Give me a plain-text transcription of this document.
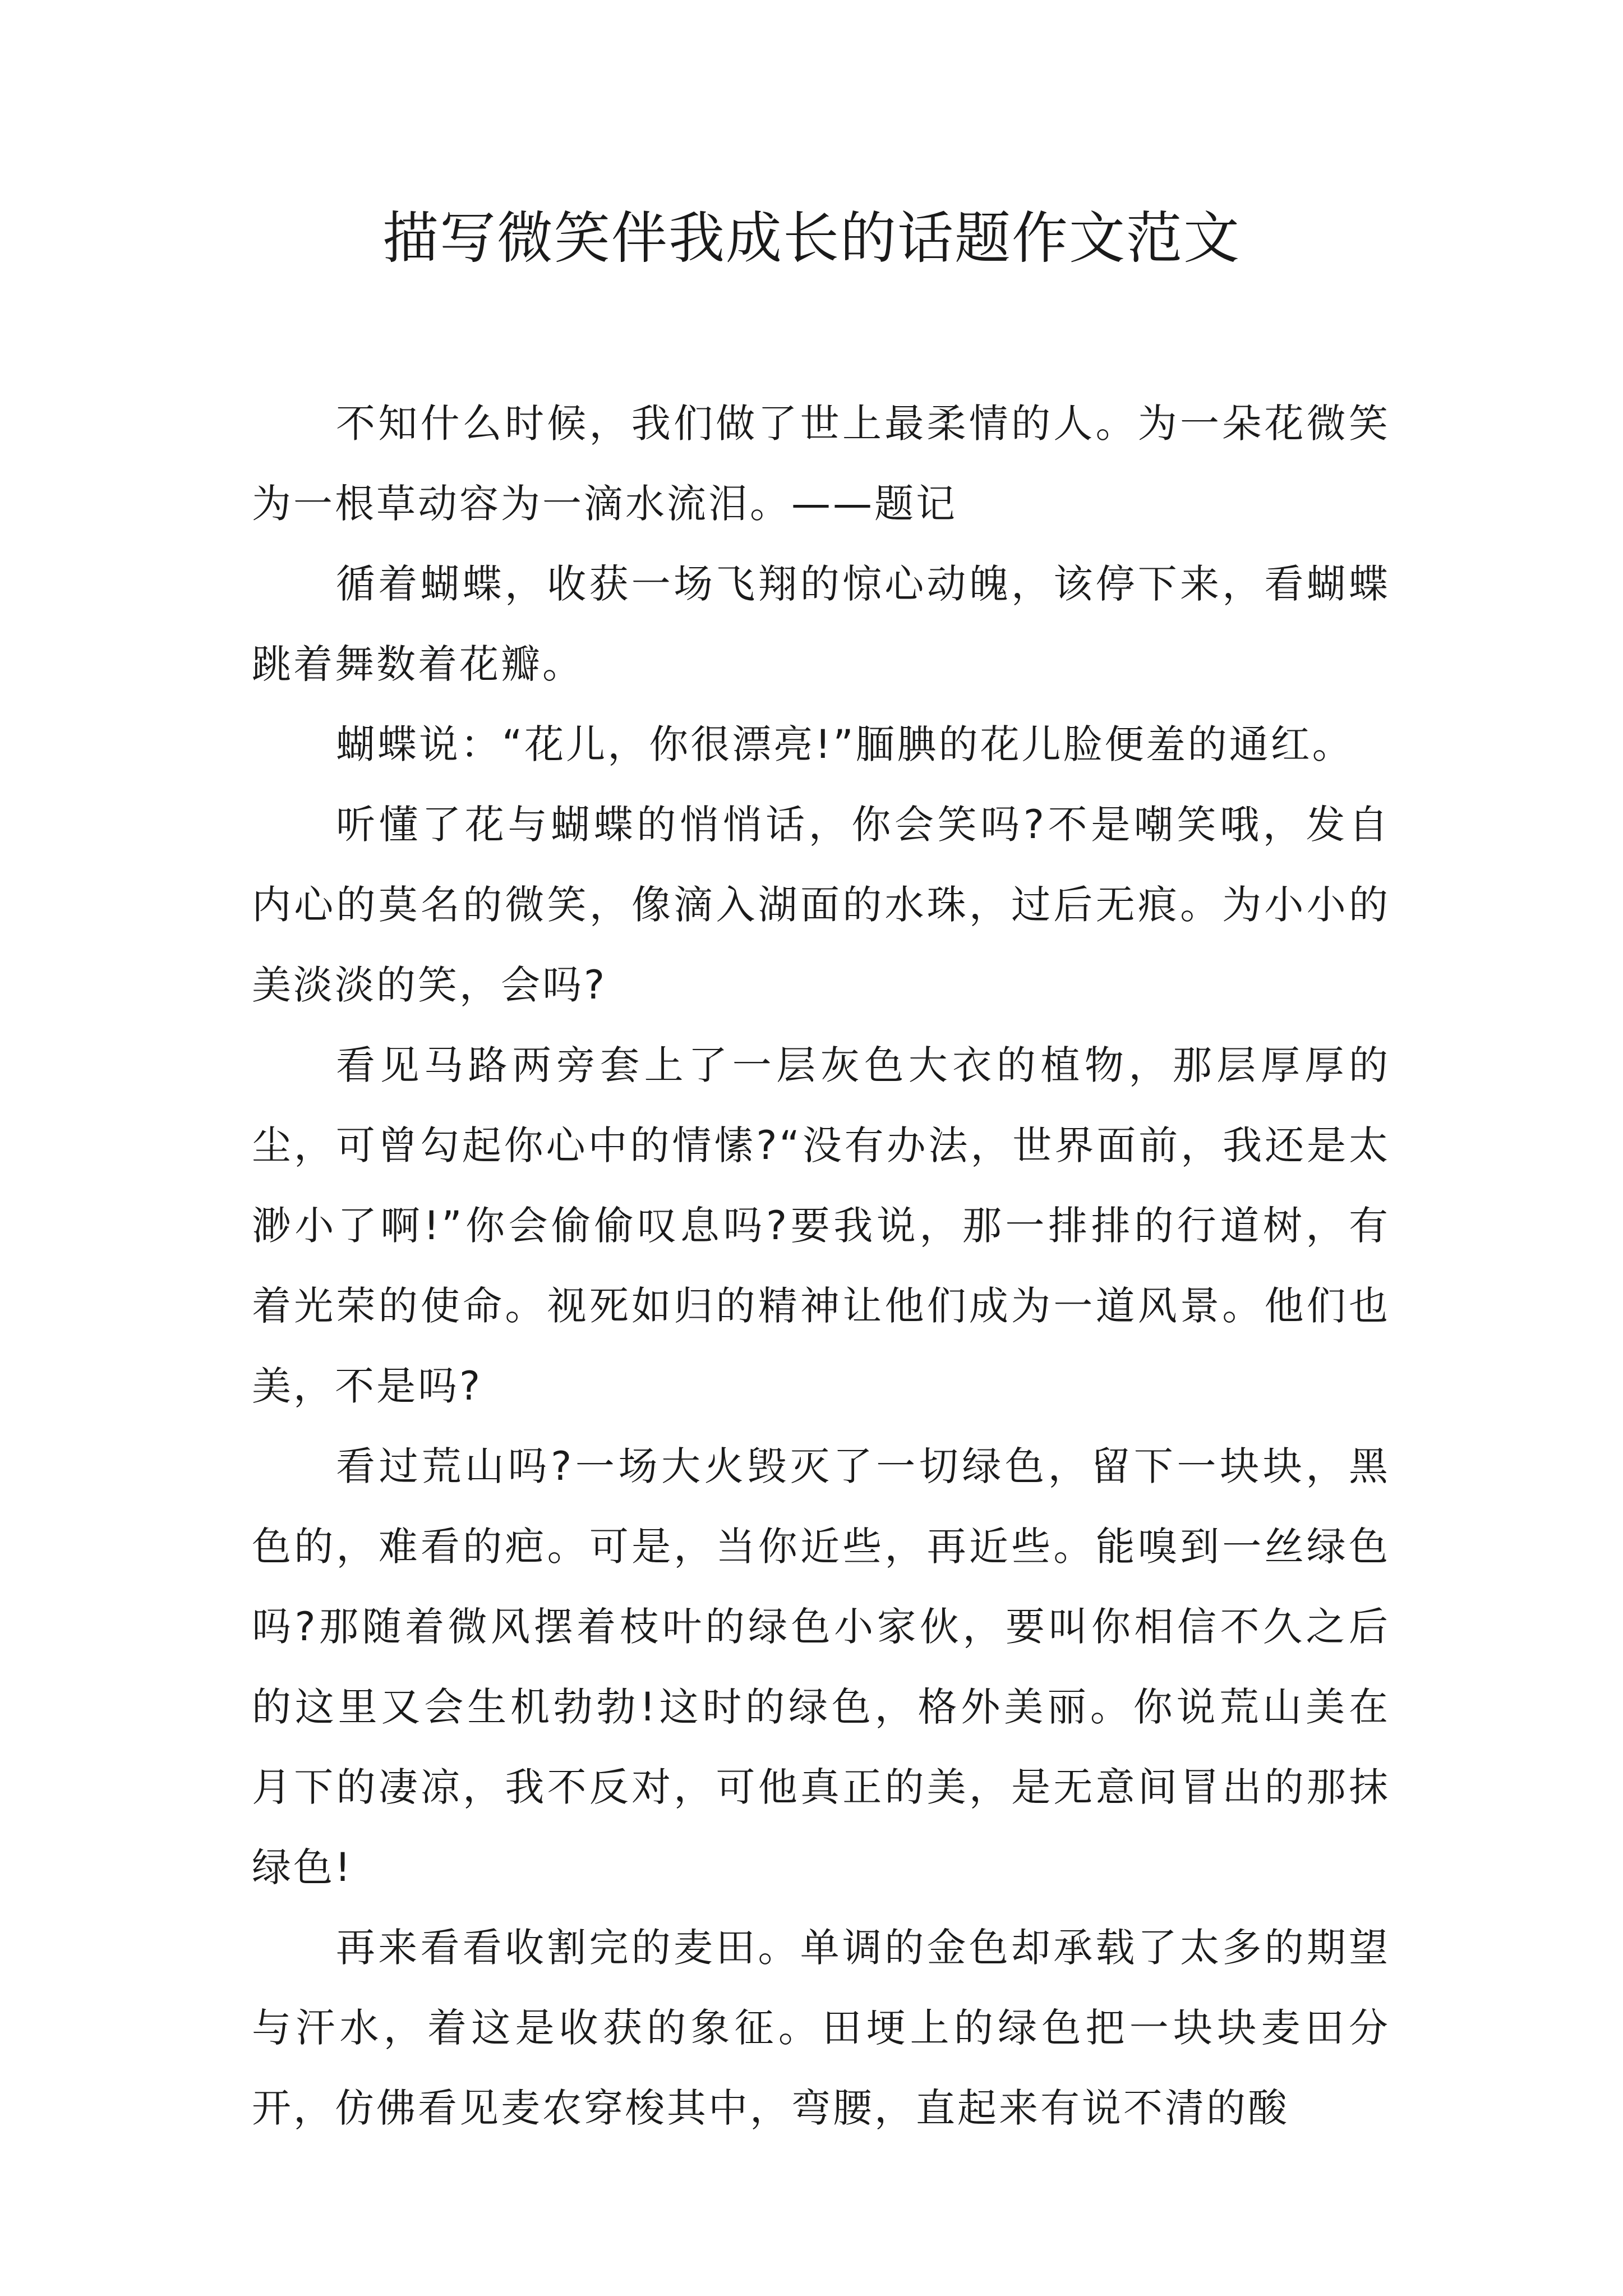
描写微笑伴我成长的话题作文范文

不知什么时候，我们做了世上最柔情的人。为一朵花微笑为一根草动容为一滴水流泪。——题记

循着蝴蝶，收获一场飞翔的惊心动魄，该停下来，看蝴蝶跳着舞数着花瓣。

蝴蝶说：“花儿，你很漂亮!”腼腆的花儿脸便羞的通红。

听懂了花与蝴蝶的悄悄话，你会笑吗?不是嘲笑哦，发自内心的莫名的微笑，像滴入湖面的水珠，过后无痕。为小小的美淡淡的笑，会吗?

看见马路两旁套上了一层灰色大衣的植物，那层厚厚的尘，可曾勾起你心中的情愫?“没有办法，世界面前，我还是太渺小了啊!”你会偷偷叹息吗?要我说，那一排排的行道树，有着光荣的使命。视死如归的精神让他们成为一道风景。他们也美，不是吗?

看过荒山吗?一场大火毁灭了一切绿色，留下一块块，黑色的，难看的疤。可是，当你近些，再近些。能嗅到一丝绿色吗?那随着微风摆着枝叶的绿色小家伙，要叫你相信不久之后的这里又会生机勃勃!这时的绿色，格外美丽。你说荒山美在月下的凄凉，我不反对，可他真正的美，是无意间冒出的那抹绿色!

再来看看收割完的麦田。单调的金色却承载了太多的期望与汗水，着这是收获的象征。田埂上的绿色把一块块麦田分开，仿佛看见麦农穿梭其中，弯腰，直起来有说不清的酸
